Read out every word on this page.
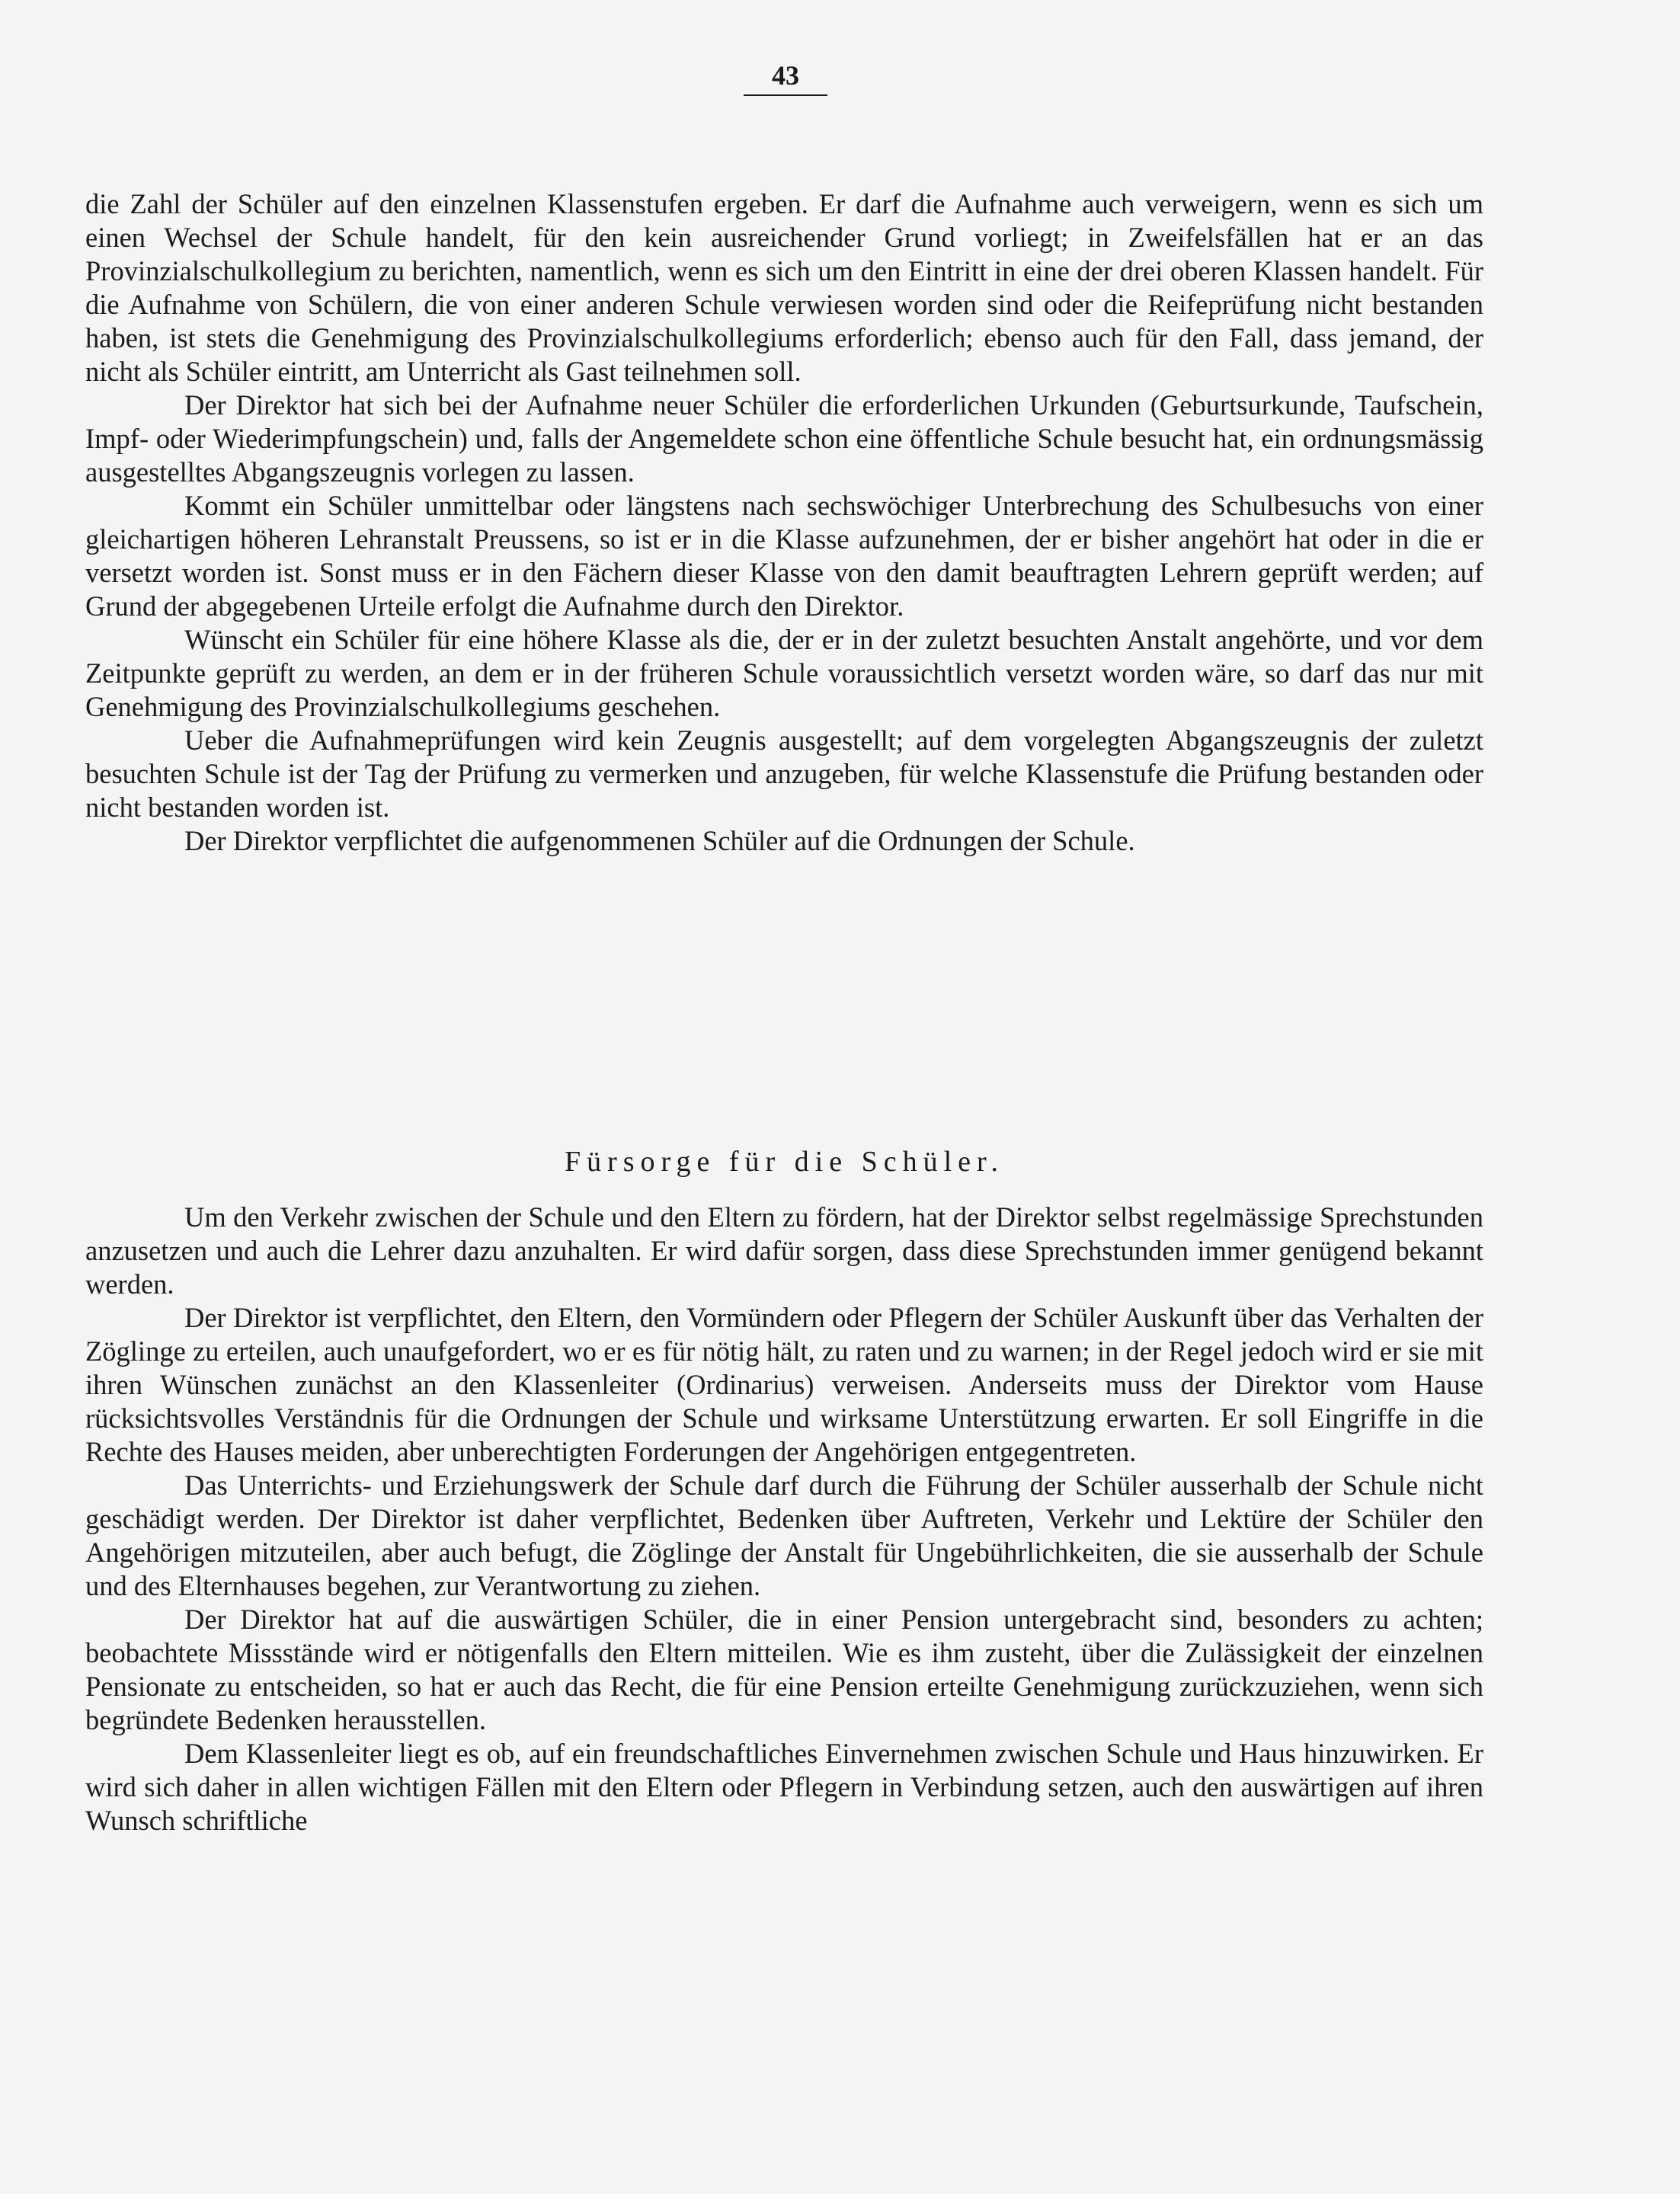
43

die Zahl der Schüler auf den einzelnen Klassenstufen ergeben. Er darf die Aufnahme auch verweigern, wenn es sich um einen Wechsel der Schule handelt, für den kein ausreichender Grund vorliegt; in Zweifelsfällen hat er an das Provinzialschulkollegium zu berichten, namentlich, wenn es sich um den Eintritt in eine der drei oberen Klassen handelt. Für die Aufnahme von Schülern, die von einer anderen Schule verwiesen worden sind oder die Reifeprüfung nicht bestanden haben, ist stets die Genehmigung des Provinzialschulkollegiums erforderlich; ebenso auch für den Fall, dass jemand, der nicht als Schüler eintritt, am Unterricht als Gast teilnehmen soll.

Der Direktor hat sich bei der Aufnahme neuer Schüler die erforderlichen Urkunden (Geburtsurkunde, Taufschein, Impf- oder Wiederimpfungschein) und, falls der Angemeldete schon eine öffentliche Schule besucht hat, ein ordnungsmässig ausgestelltes Abgangszeugnis vorlegen zu lassen.

Kommt ein Schüler unmittelbar oder längstens nach sechswöchiger Unterbrechung des Schulbesuchs von einer gleichartigen höheren Lehranstalt Preussens, so ist er in die Klasse aufzunehmen, der er bisher angehört hat oder in die er versetzt worden ist. Sonst muss er in den Fächern dieser Klasse von den damit beauftragten Lehrern geprüft werden; auf Grund der abgegebenen Urteile erfolgt die Aufnahme durch den Direktor.

Wünscht ein Schüler für eine höhere Klasse als die, der er in der zuletzt besuchten Anstalt angehörte, und vor dem Zeitpunkte geprüft zu werden, an dem er in der früheren Schule voraussichtlich versetzt worden wäre, so darf das nur mit Genehmigung des Provinzialschulkollegiums geschehen.

Ueber die Aufnahmeprüfungen wird kein Zeugnis ausgestellt; auf dem vorgelegten Abgangszeugnis der zuletzt besuchten Schule ist der Tag der Prüfung zu vermerken und anzugeben, für welche Klassenstufe die Prüfung bestanden oder nicht bestanden worden ist.

Der Direktor verpflichtet die aufgenommenen Schüler auf die Ordnungen der Schule.

Fürsorge für die Schüler.

Um den Verkehr zwischen der Schule und den Eltern zu fördern, hat der Direktor selbst regelmässige Sprechstunden anzusetzen und auch die Lehrer dazu anzuhalten. Er wird dafür sorgen, dass diese Sprechstunden immer genügend bekannt werden.

Der Direktor ist verpflichtet, den Eltern, den Vormündern oder Pflegern der Schüler Auskunft über das Verhalten der Zöglinge zu erteilen, auch unaufgefordert, wo er es für nötig hält, zu raten und zu warnen; in der Regel jedoch wird er sie mit ihren Wünschen zunächst an den Klassenleiter (Ordinarius) verweisen. Anderseits muss der Direktor vom Hause rücksichtsvolles Verständnis für die Ordnungen der Schule und wirksame Unterstützung erwarten. Er soll Eingriffe in die Rechte des Hauses meiden, aber unberechtigten Forderungen der Angehörigen entgegentreten.

Das Unterrichts- und Erziehungswerk der Schule darf durch die Führung der Schüler ausserhalb der Schule nicht geschädigt werden. Der Direktor ist daher verpflichtet, Bedenken über Auftreten, Verkehr und Lektüre der Schüler den Angehörigen mitzuteilen, aber auch befugt, die Zöglinge der Anstalt für Ungebührlichkeiten, die sie ausserhalb der Schule und des Elternhauses begehen, zur Verantwortung zu ziehen.

Der Direktor hat auf die auswärtigen Schüler, die in einer Pension untergebracht sind, besonders zu achten; beobachtete Missstände wird er nötigenfalls den Eltern mitteilen. Wie es ihm zusteht, über die Zulässigkeit der einzelnen Pensionate zu entscheiden, so hat er auch das Recht, die für eine Pension erteilte Genehmigung zurückzuziehen, wenn sich begründete Bedenken herausstellen.

Dem Klassenleiter liegt es ob, auf ein freundschaftliches Einvernehmen zwischen Schule und Haus hinzuwirken. Er wird sich daher in allen wichtigen Fällen mit den Eltern oder Pflegern in Verbindung setzen, auch den auswärtigen auf ihren Wunsch schriftliche
